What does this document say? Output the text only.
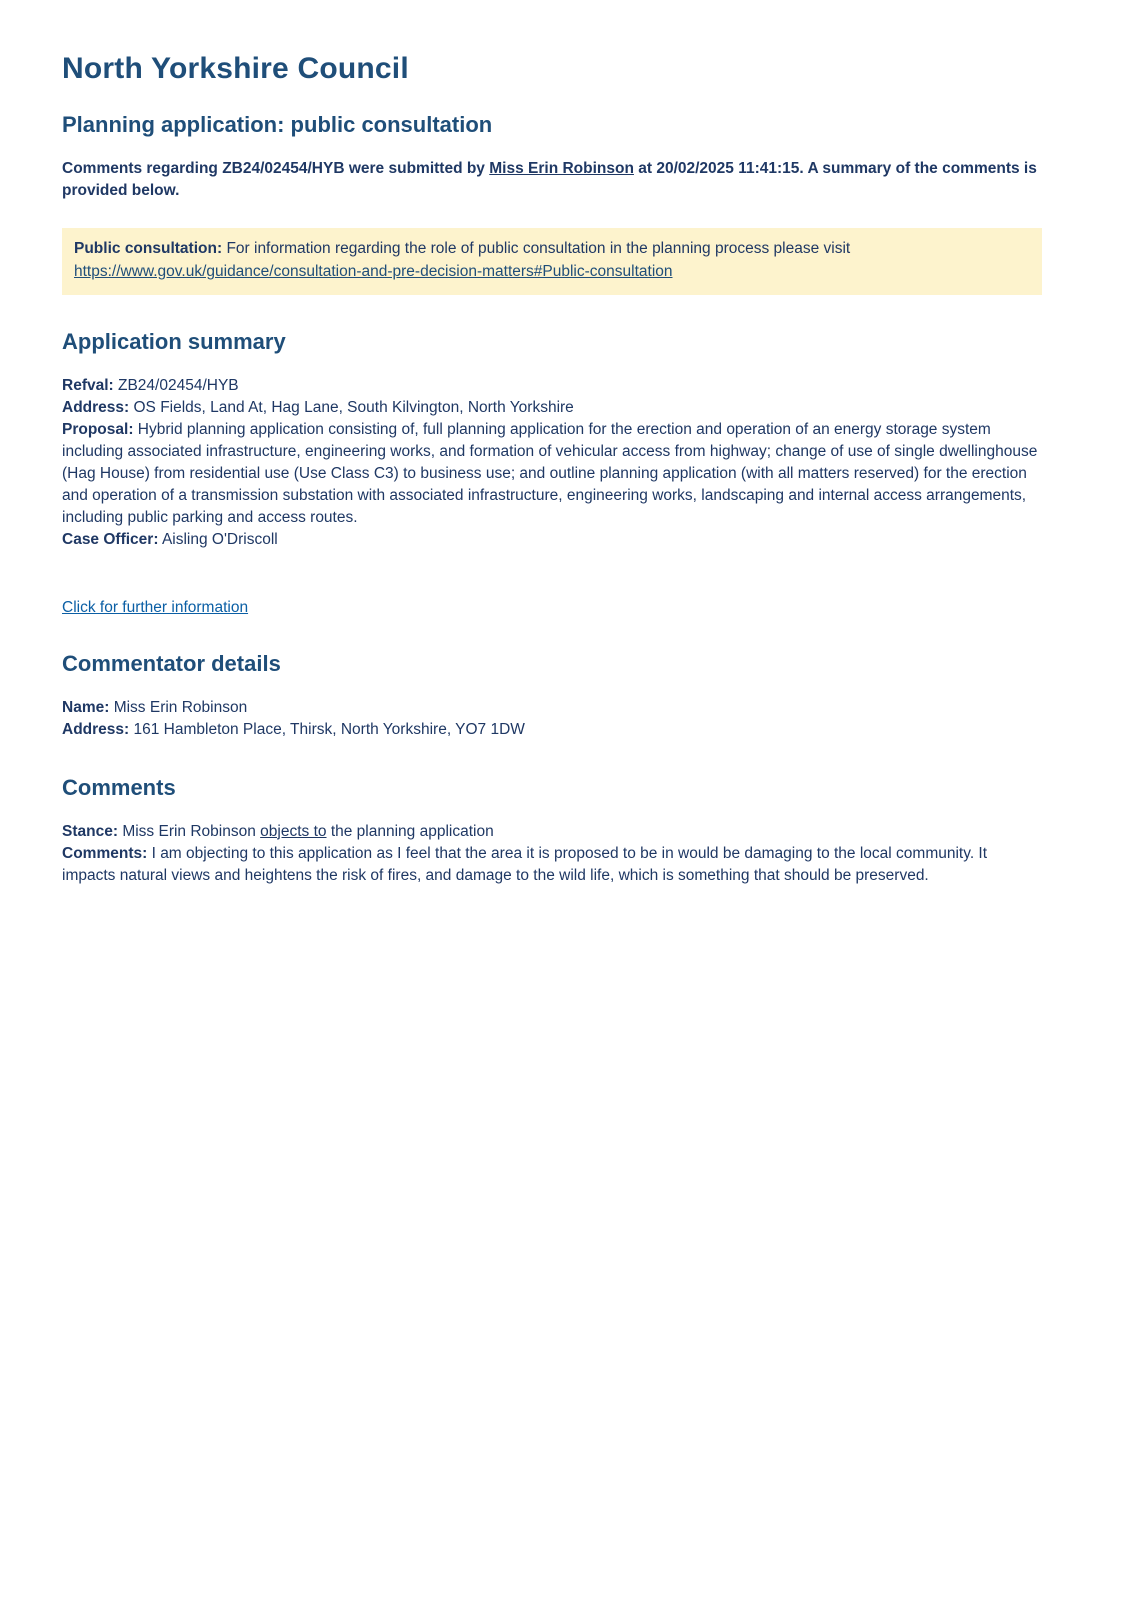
North Yorkshire Council
Planning application: public consultation

Comments regarding ZB24/02454/HYB were submitted by Miss Erin Robinson at 20/02/2025 11:41:15. A summary of the comments is provided below.

Public consultation: For information regarding the role of public consultation in the planning process please visit https://www.gov.uk/guidance/consultation-and-pre-decision-matters#Public-consultation
Application summary
Refval: ZB24/02454/HYB
Address: OS Fields, Land At, Hag Lane, South Kilvington, North Yorkshire
Proposal: Hybrid planning application consisting of, full planning application for the erection and operation of an energy storage system including associated infrastructure, engineering works, and formation of vehicular access from highway; change of use of single dwellinghouse (Hag House) from residential use (Use Class C3) to business use; and outline planning application (with all matters reserved) for the erection and operation of a transmission substation with associated infrastructure, engineering works, landscaping and internal access arrangements, including public parking and access routes.
Case Officer: Aisling O'Driscoll
Click for further information
Commentator details
Name: Miss Erin Robinson
Address: 161 Hambleton Place, Thirsk, North Yorkshire, YO7 1DW
Comments
Stance: Miss Erin Robinson objects to the planning application
Comments: I am objecting to this application as I feel that the area it is proposed to be in would be damaging to the local community. It impacts natural views and heightens the risk of fires, and damage to the wild life, which is something that should be preserved.
